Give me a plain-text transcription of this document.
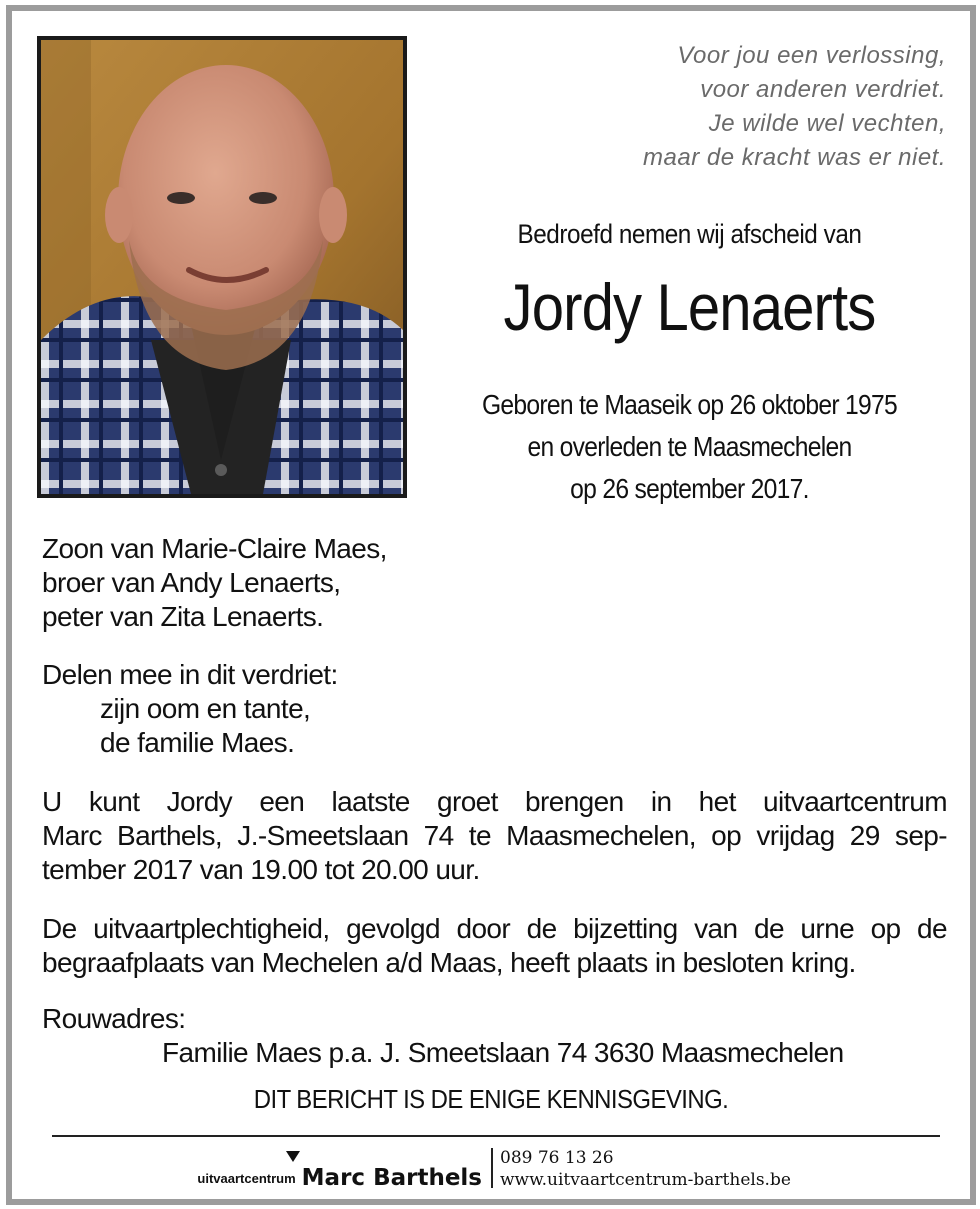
Voor jou een verlossing,
voor anderen verdriet.
Je wilde wel vechten,
maar de kracht was er niet.
Bedroefd nemen wij afscheid van
Jordy Lenaerts
Geboren te Maaseik op 26 oktober 1975
en overleden te Maasmechelen
op 26 september 2017.
Zoon van Marie-Claire Maes,
broer van Andy Lenaerts,
peter van Zita Lenaerts.
Delen mee in dit verdriet:
zijn oom en tante,
de familie Maes.
U kunt Jordy een laatste groet brengen in het uitvaartcentrum
Marc Barthels, J.-Smeetslaan 74 te Maasmechelen, op vrijdag 29 sep-
tember 2017 van 19.00 tot 20.00 uur.
De uitvaartplechtigheid, gevolgd door de bijzetting van de urne op de
begraafplaats van Mechelen a/d Maas, heeft plaats in besloten kring.
Rouwadres:
Familie Maes p.a. J. Smeetslaan 74 3630 Maasmechelen
DIT BERICHT IS DE ENIGE KENNISGEVING.
uitvaartcentrum Marc Barthels
089 76 13 26
www.uitvaartcentrum-barthels.be
